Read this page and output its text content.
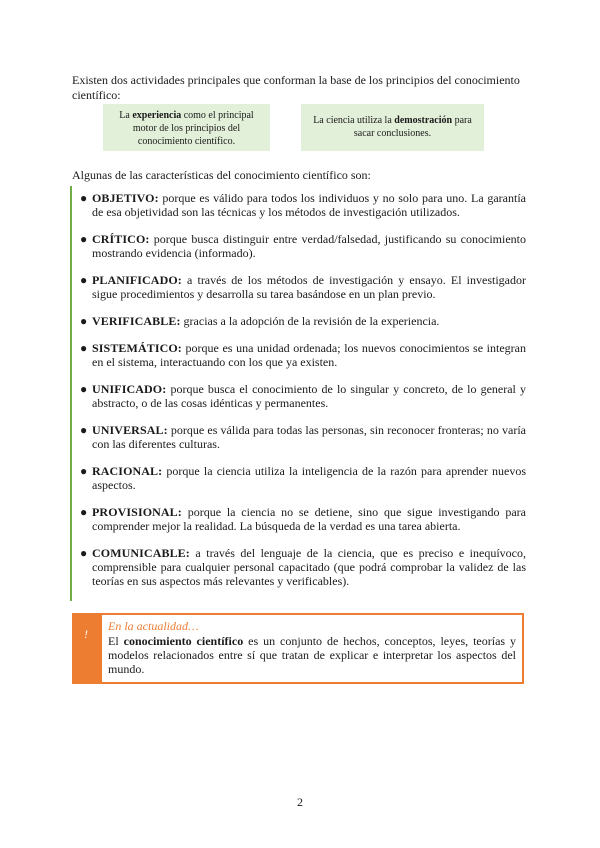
Existen dos actividades principales que conforman la base de los principios del conocimiento científico:
La experiencia como el principal motor de los principios del conocimiento científico.
La ciencia utiliza la demostración para sacar conclusiones.
Algunas de las características del conocimiento científico son:
● OBJETIVO: porque es válido para todos los individuos y no solo para uno. La garantía de esa objetividad son las técnicas y los métodos de investigación utilizados.
● CRÍTICO: porque busca distinguir entre verdad/falsedad, justificando su conocimiento mostrando evidencia (informado).
● PLANIFICADO: a través de los métodos de investigación y ensayo. El investigador sigue procedimientos y desarrolla su tarea basándose en un plan previo.
● VERIFICABLE: gracias a la adopción de la revisión de la experiencia.
● SISTEMÁTICO: porque es una unidad ordenada; los nuevos conocimientos se integran en el sistema, interactuando con los que ya existen.
● UNIFICADO: porque busca el conocimiento de lo singular y concreto, de lo general y abstracto, o de las cosas idénticas y permanentes.
● UNIVERSAL: porque es válida para todas las personas, sin reconocer fronteras; no varía con las diferentes culturas.
● RACIONAL: porque la ciencia utiliza la inteligencia de la razón para aprender nuevos aspectos.
● PROVISIONAL: porque la ciencia no se detiene, sino que sigue investigando para comprender mejor la realidad. La búsqueda de la verdad es una tarea abierta.
● COMUNICABLE: a través del lenguaje de la ciencia, que es preciso e inequívoco, comprensible para cualquier personal capacitado (que podrá comprobar la validez de las teorías en sus aspectos más relevantes y verificables).
!
En la actualidad…
El conocimiento científico es un conjunto de hechos, conceptos, leyes, teorías y modelos relacionados entre sí que tratan de explicar e interpretar los aspectos del mundo.
2
